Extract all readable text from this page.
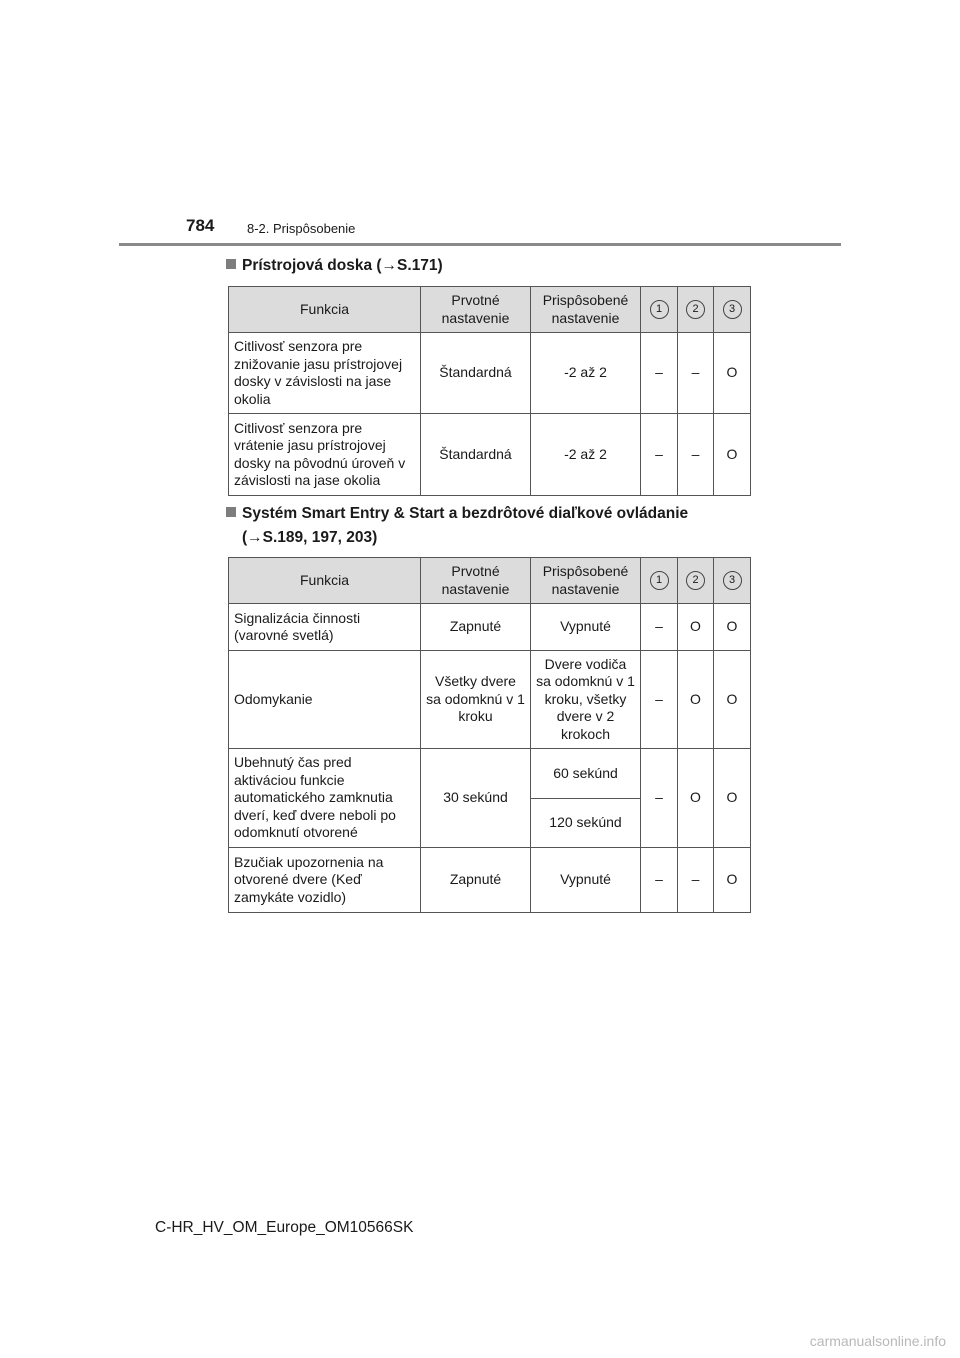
784	8-2. Prispôsobenie
Prístrojová doska (→S.171)
Funkcia	Prvotné nastavenie	Prispôsobené nastavenie	1	2	3
Citlivosť senzora pre znižovanie jasu prístrojovej dosky v závislosti na jase okolia	Štandardná	-2 až 2	–	–	O
Citlivosť senzora pre vrátenie jasu prístrojovej dosky na pôvodnú úroveň v závislosti na jase okolia	Štandardná	-2 až 2	–	–	O
Systém Smart Entry & Start a bezdrôtové diaľkové ovládanie
(→S.189, 197, 203)
Funkcia	Prvotné nastavenie	Prispôsobené nastavenie	1	2	3
Signalizácia činnosti (varovné svetlá)	Zapnuté	Vypnuté	–	O	O
Odomykanie	Všetky dvere sa odomknú v 1 kroku	Dvere vodiča sa odomknú v 1 kroku, všetky dvere v 2 krokoch	–	O	O
Ubehnutý čas pred aktiváciou funkcie automatického zamknutia dverí, keď dvere neboli po odomknutí otvorené	30 sekúnd	60 sekúnd	–	O	O
		120 sekúnd			
Bzučiak upozornenia na otvorené dvere (Keď zamykáte vozidlo)	Zapnuté	Vypnuté	–	–	O
C-HR_HV_OM_Europe_OM10566SK
carmanualsonline.info
